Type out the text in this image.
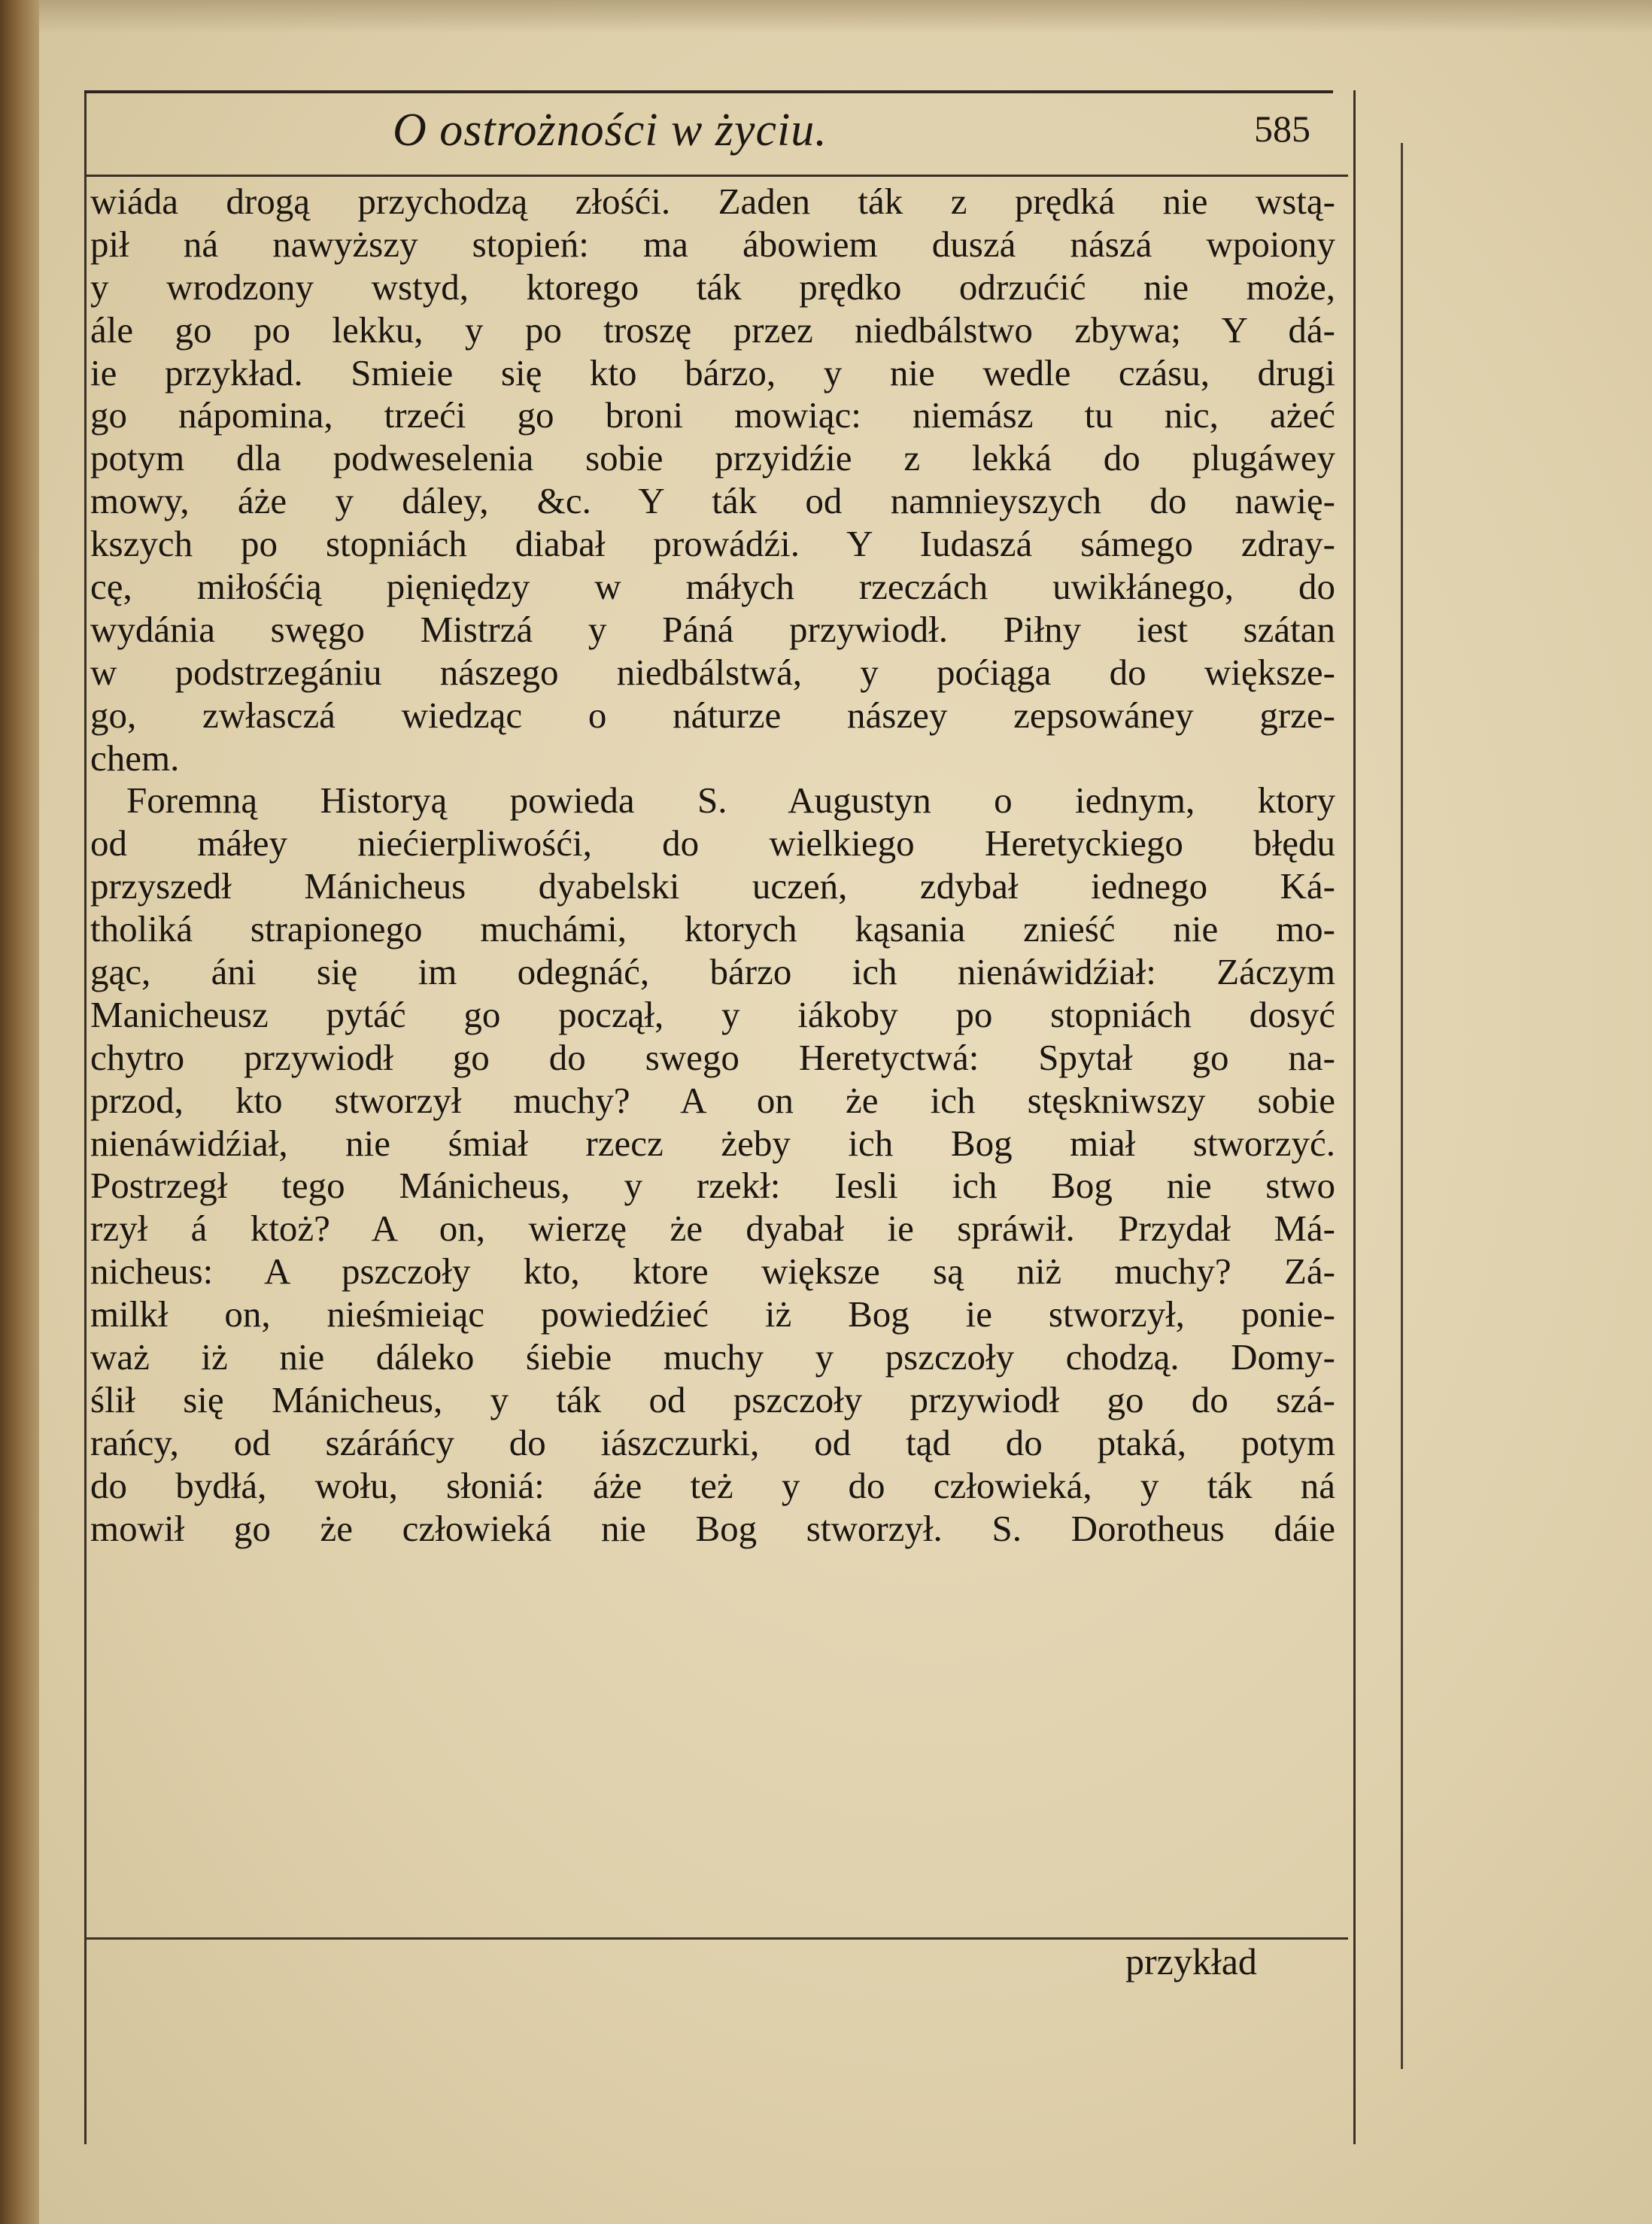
O ostrożności w życiu.	585
wiáda drogą przychodzą złośći. Zaden ták z prędká nie wstą-
pił ná nawyższy stopień: ma ábowiem duszá nászá wpoiony
y wrodzony wstyd, ktorego ták prędko odrzućić nie może,
ále go po lekku, y po troszę przez niedbálstwo zbywa; Y dá-
ie przykład. Smieie się kto bárzo, y nie wedle czásu, drugi
go nápomina, trzeći go broni mowiąc: niemász tu nic, ażeć
potym dla podweselenia sobie przyidźie z lekká do plugáwey
mowy, áże y dáley, &c. Y ták od namnieyszych do nawię-
kszych po stopniách diabał prowádźi. Y Iudaszá sámego zdray-
cę, miłośćią pięniędzy w máłych rzeczách uwikłánego, do
wydánia swęgo Mistrzá y Páná przywiodł. Piłny iest szátan
w podstrzegániu nászego niedbálstwá, y poćiąga do większe-
go, zwłasczá wiedząc o náturze nászey zepsowáney grze-
chem.
Foremną Historyą powieda S. Augustyn o iednym, ktory
od máłey niećierpliwośći, do wielkiego Heretyckiego błędu
przyszedł Mánicheus dyabelski uczeń, zdybał iednego Ká-
tholiká strapionego muchámi, ktorych kąsania znieść nie mo-
gąc, áni się im odegnáć, bárzo ich nienáwidźiał: Záczym
Manicheusz pytáć go począł, y iákoby po stopniách dosyć
chytro przywiodł go do swego Heretyctwá: Spytał go na-
przod, kto stworzył muchy? A on że ich stęskniwszy sobie
nienáwidźiał, nie śmiał rzecz żeby ich Bog miał stworzyć.
Postrzegł tego Mánicheus, y rzekł: Iesli ich Bog nie stwo
rzył á ktoż? A on, wierzę że dyabał ie spráwił. Przydał Má-
nicheus: A pszczoły kto, ktore większe są niż muchy? Zá-
milkł on, nieśmieiąc powiedźieć iż Bog ie stworzył, ponie-
waż iż nie dáleko śiebie muchy y pszczoły chodzą. Domy-
ślił się Mánicheus, y ták od pszczoły przywiodł go do szá-
rańcy, od száráńcy do iászczurki, od tąd do ptaká, potym
do bydłá, wołu, słoniá: áże też y do człowieká, y ták ná
mowił go że człowieká nie Bog stworzył. S. Dorotheus dáie
przykład
